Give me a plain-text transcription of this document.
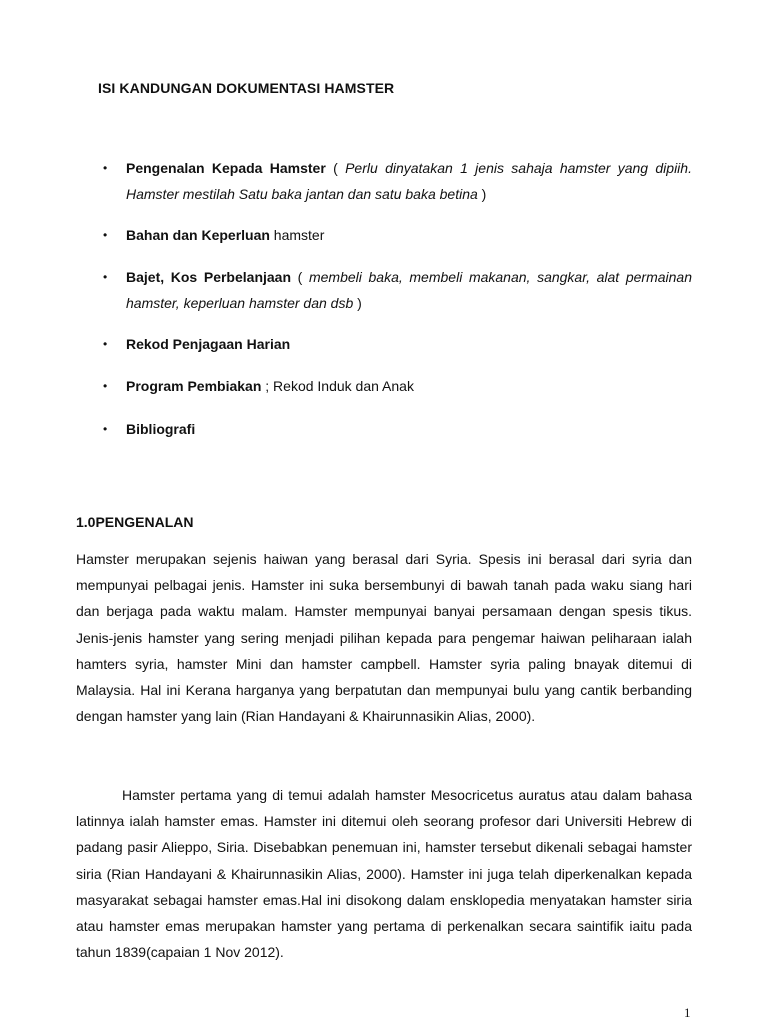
ISI KANDUNGAN DOKUMENTASI HAMSTER
• Pengenalan Kepada Hamster ( Perlu dinyatakan 1 jenis sahaja hamster yang dipiih. Hamster mestilah Satu baka jantan dan satu baka betina )
• Bahan dan Keperluan hamster
• Bajet, Kos Perbelanjaan ( membeli baka, membeli makanan, sangkar, alat permainan hamster, keperluan hamster dan dsb )
• Rekod Penjagaan Harian
• Program Pembiakan ; Rekod Induk dan Anak
• Bibliografi
1.0PENGENALAN

Hamster merupakan sejenis haiwan yang berasal dari Syria. Spesis ini berasal dari syria dan mempunyai pelbagai jenis. Hamster ini suka bersembunyi di bawah tanah pada waku siang hari dan berjaga pada waktu malam. Hamster mempunyai banyai persamaan dengan spesis tikus. Jenis-jenis hamster yang sering menjadi pilihan kepada para pengemar haiwan peliharaan ialah hamters syria, hamster Mini dan hamster campbell. Hamster syria paling bnayak ditemui di Malaysia. Hal ini Kerana harganya yang berpatutan dan mempunyai bulu yang cantik berbanding dengan hamster yang lain (Rian Handayani & Khairunnasikin Alias, 2000).

Hamster pertama yang di temui adalah hamster Mesocricetus auratus atau dalam bahasa latinnya ialah hamster emas. Hamster ini ditemui oleh seorang profesor dari Universiti Hebrew di padang pasir Alieppo, Siria. Disebabkan penemuan ini, hamster tersebut dikenali sebagai hamster siria (Rian Handayani & Khairunnasikin Alias, 2000). Hamster ini juga telah diperkenalkan kepada masyarakat sebagai hamster emas.Hal ini disokong dalam ensklopedia menyatakan hamster siria atau hamster emas merupakan hamster yang pertama di perkenalkan secara saintifik iaitu pada tahun 1839(capaian 1 Nov 2012).

1
